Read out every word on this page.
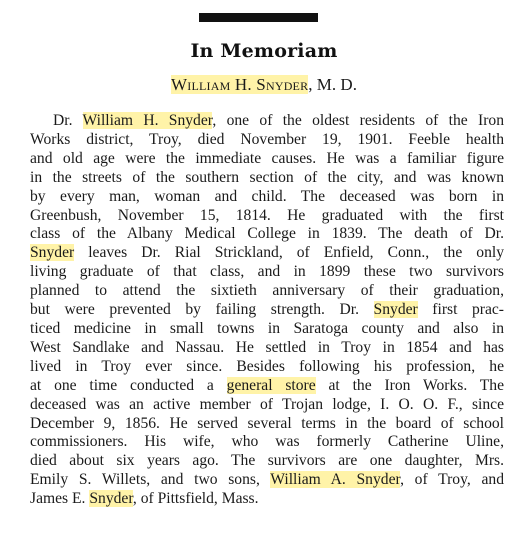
In Memoriam
William H. Snyder, M. D.
Dr. William H. Snyder, one of the oldest residents of the Iron
Works district, Troy, died November 19, 1901. Feeble health
and old age were the immediate causes. He was a familiar figure
in the streets of the southern section of the city, and was known
by every man, woman and child. The deceased was born in
Greenbush, November 15, 1814. He graduated with the first
class of the Albany Medical College in 1839. The death of Dr.
Snyder leaves Dr. Rial Strickland, of Enfield, Conn., the only
living graduate of that class, and in 1899 these two survivors
planned to attend the sixtieth anniversary of their graduation,
but were prevented by failing strength. Dr. Snyder first prac-
ticed medicine in small towns in Saratoga county and also in
West Sandlake and Nassau. He settled in Troy in 1854 and has
lived in Troy ever since. Besides following his profession, he
at one time conducted a general store at the Iron Works. The
deceased was an active member of Trojan lodge, I. O. O. F., since
December 9, 1856. He served several terms in the board of school
commissioners. His wife, who was formerly Catherine Uline,
died about six years ago. The survivors are one daughter, Mrs.
Emily S. Willets, and two sons, William A. Snyder, of Troy, and
James E. Snyder, of Pittsfield, Mass.
